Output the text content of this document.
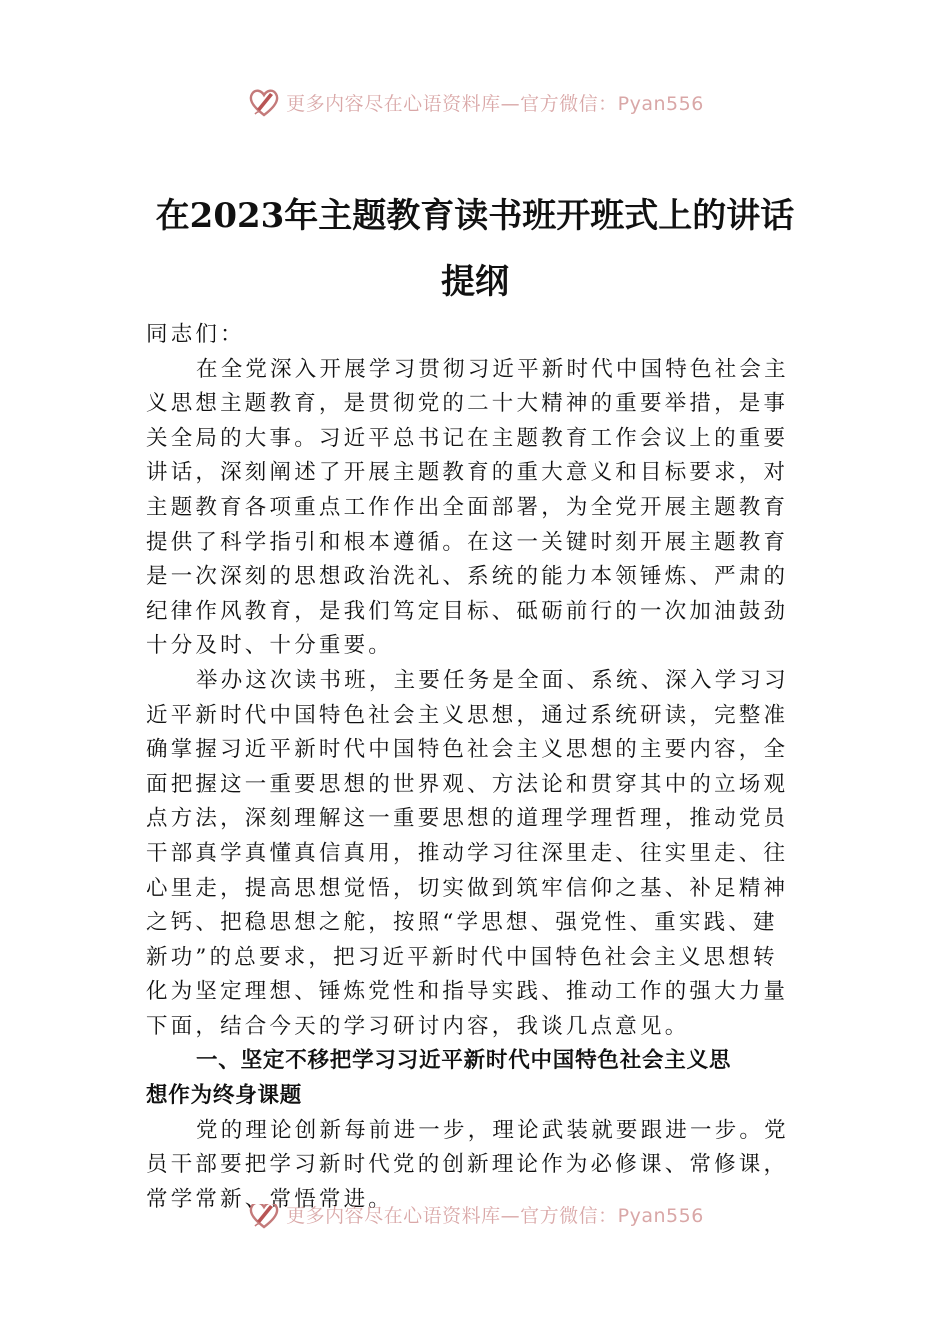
更多内容尽在心语资料库—官方微信：Pyan556
在2023年主题教育读书班开班式上的讲话
提纲
同志们：
在全党深入开展学习贯彻习近平新时代中国特色社会主
义思想主题教育，是贯彻党的二十大精神的重要举措，是事
关全局的大事。习近平总书记在主题教育工作会议上的重要
讲话，深刻阐述了开展主题教育的重大意义和目标要求，对
主题教育各项重点工作作出全面部署，为全党开展主题教育
提供了科学指引和根本遵循。在这一关键时刻开展主题教育
是一次深刻的思想政治洗礼、系统的能力本领锤炼、严肃的
纪律作风教育，是我们笃定目标、砥砺前行的一次加油鼓劲
十分及时、十分重要。
举办这次读书班，主要任务是全面、系统、深入学习习
近平新时代中国特色社会主义思想，通过系统研读，完整准
确掌握习近平新时代中国特色社会主义思想的主要内容，全
面把握这一重要思想的世界观、方法论和贯穿其中的立场观
点方法，深刻理解这一重要思想的道理学理哲理，推动党员
干部真学真懂真信真用，推动学习往深里走、往实里走、往
心里走，提高思想觉悟，切实做到筑牢信仰之基、补足精神
之钙、把稳思想之舵，按照“学思想、强党性、重实践、建
新功”的总要求，把习近平新时代中国特色社会主义思想转
化为坚定理想、锤炼党性和指导实践、推动工作的强大力量
下面，结合今天的学习研讨内容，我谈几点意见。
一、坚定不移把学习习近平新时代中国特色社会主义思
想作为终身课题
党的理论创新每前进一步，理论武装就要跟进一步。党
员干部要把学习新时代党的创新理论作为必修课、常修课，
常学常新、常悟常进。
更多内容尽在心语资料库—官方微信：Pyan556
